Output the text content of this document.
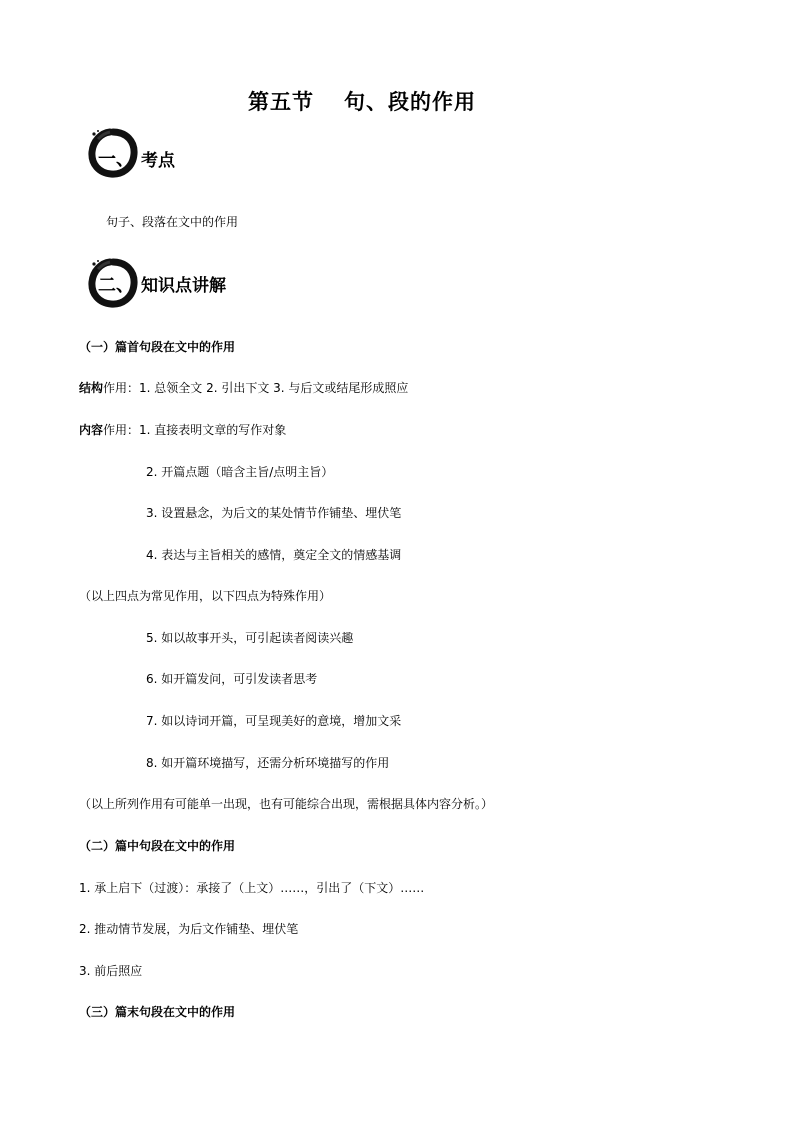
第五节 句、段的作用
一、 考点
句子、段落在文中的作用
二、 知识点讲解
（一）篇首句段在文中的作用
结构作用：1. 总领全文 2. 引出下文 3. 与后文或结尾形成照应
内容作用：1. 直接表明文章的写作对象
2. 开篇点题（暗含主旨/点明主旨）
3. 设置悬念，为后文的某处情节作铺垫、埋伏笔
4. 表达与主旨相关的感情，奠定全文的情感基调
（以上四点为常见作用，以下四点为特殊作用）
5. 如以故事开头，可引起读者阅读兴趣
6. 如开篇发问，可引发读者思考
7. 如以诗词开篇，可呈现美好的意境，增加文采
8. 如开篇环境描写，还需分析环境描写的作用
（以上所列作用有可能单一出现，也有可能综合出现，需根据具体内容分析。）
（二）篇中句段在文中的作用
1. 承上启下（过渡）：承接了（上文）……，引出了（下文）……
2. 推动情节发展，为后文作铺垫、埋伏笔
3. 前后照应
（三）篇末句段在文中的作用
